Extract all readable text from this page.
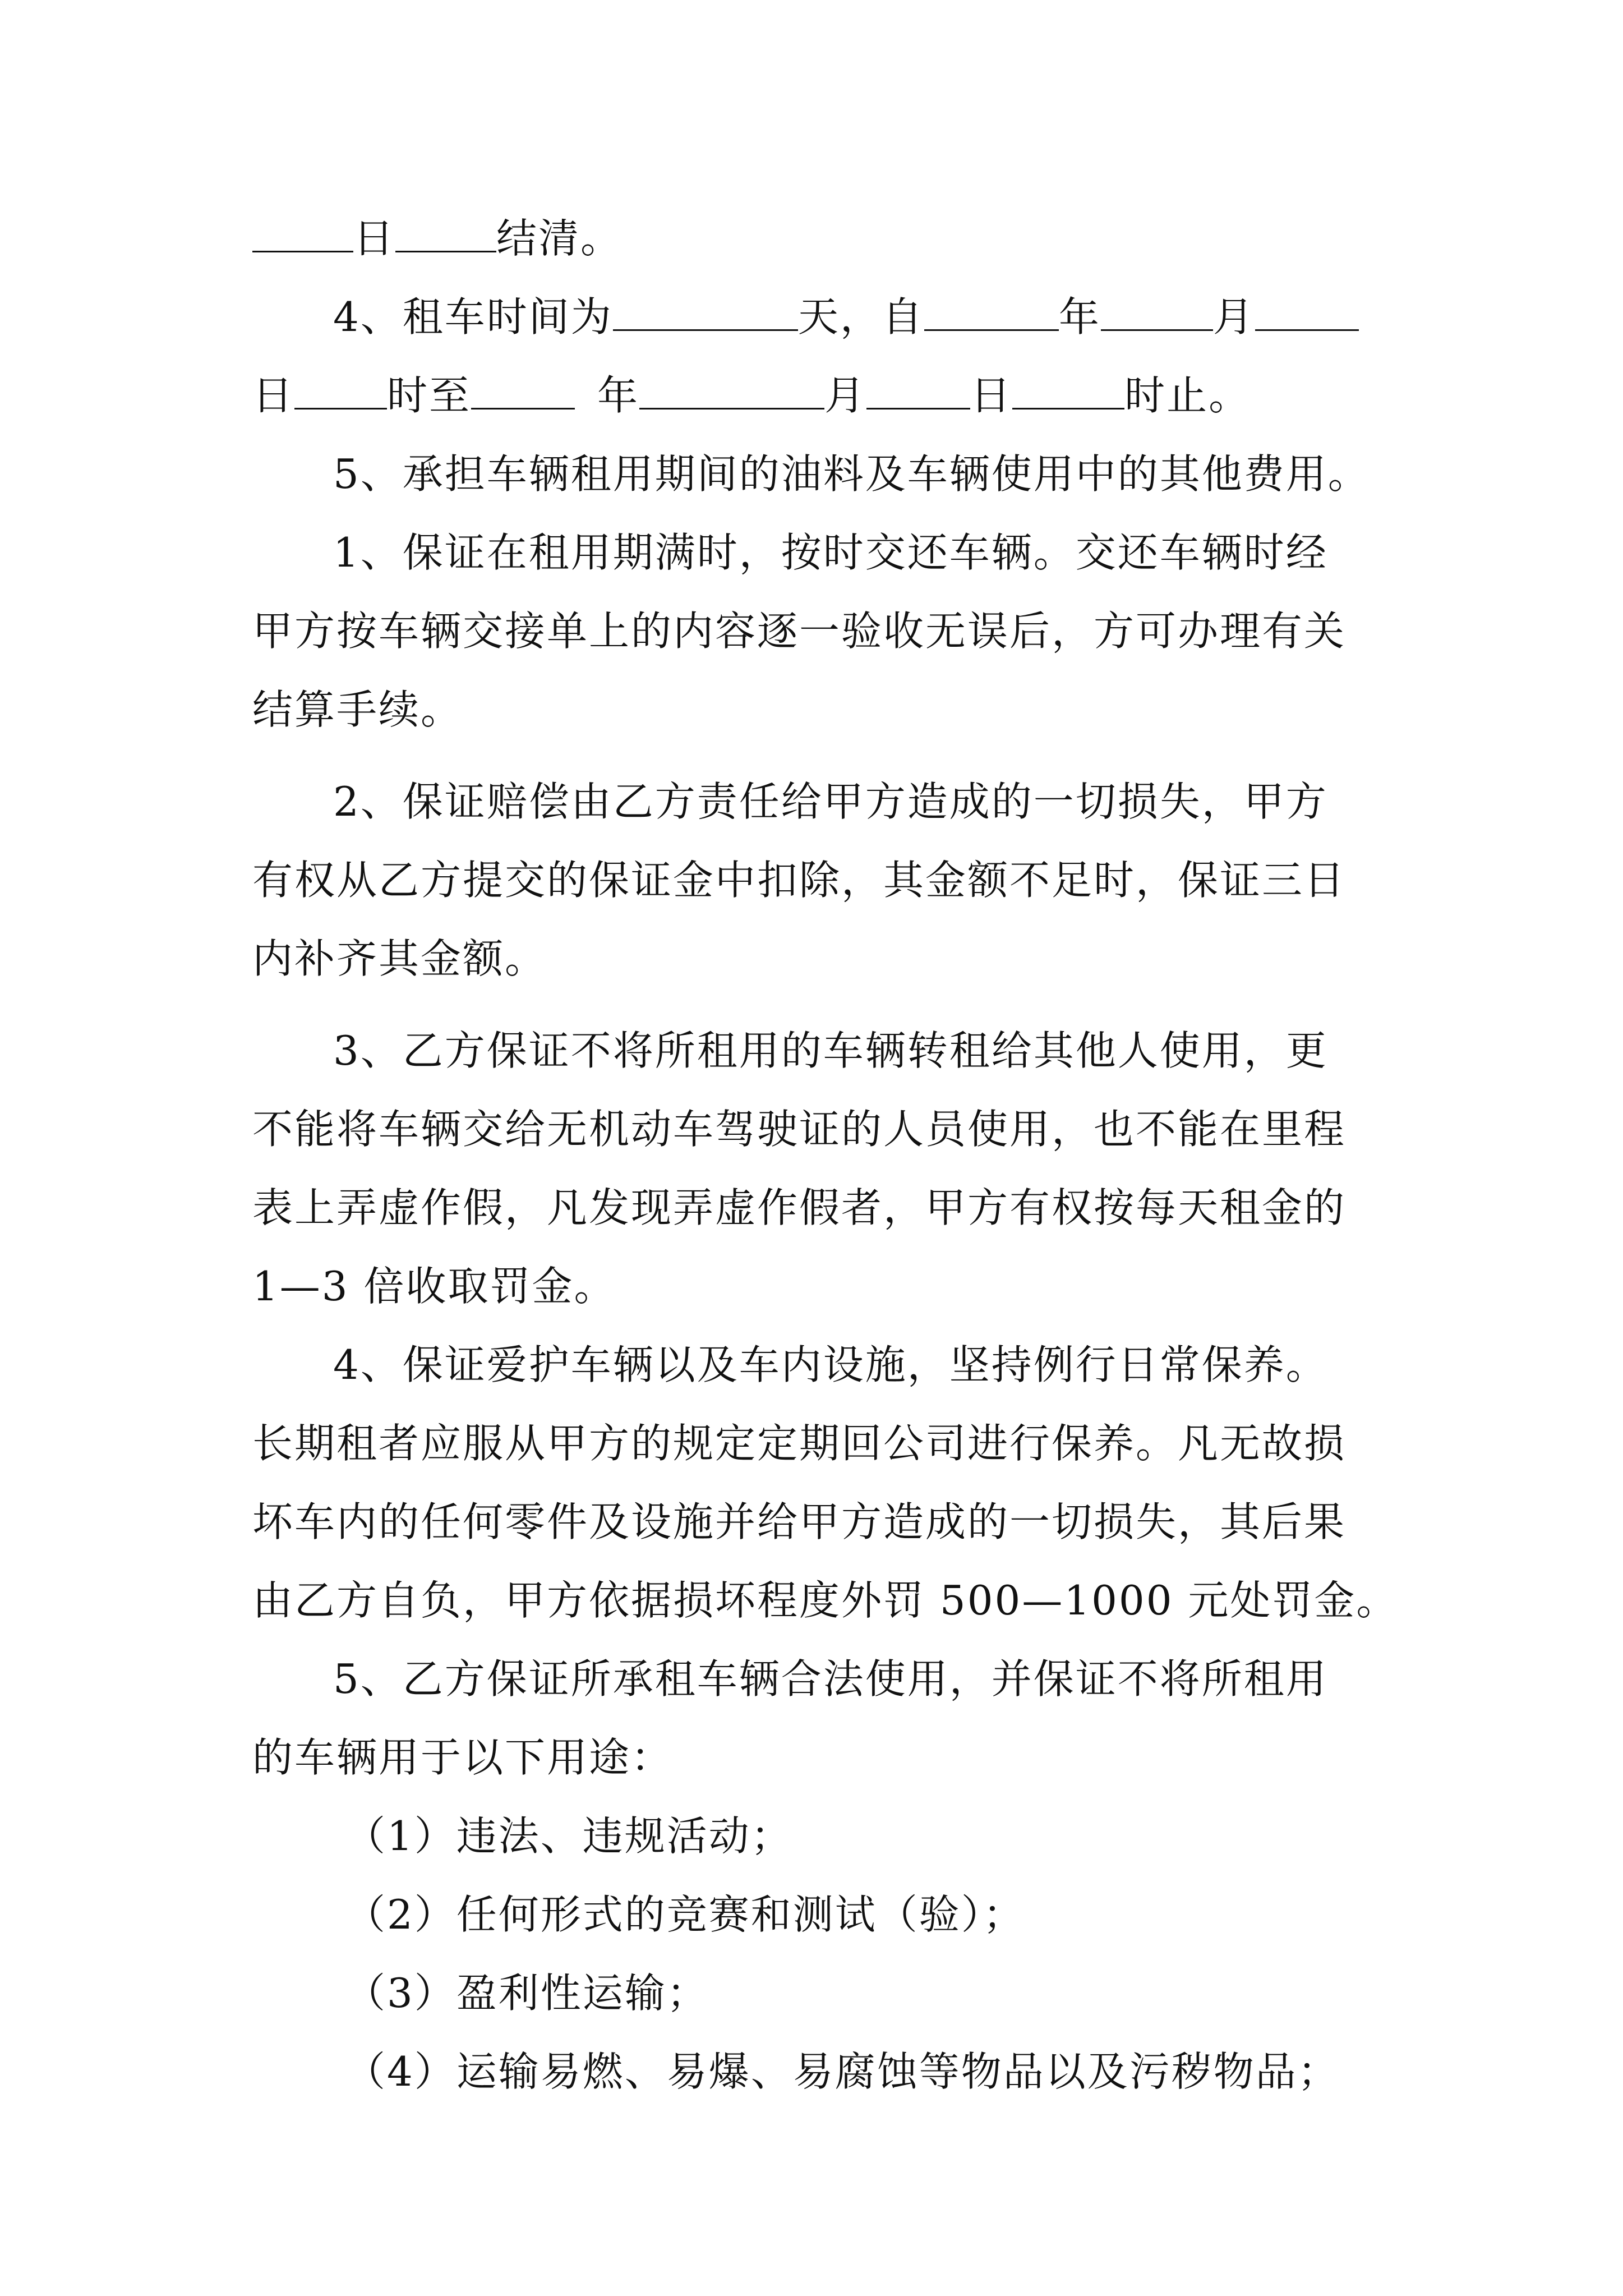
日	结清。

4、租车时间为	天，自	年	月

日 时至	年	月	日	时止。

5、承担车辆租用期间的油料及车辆使用中的其他费用。

1、保证在租用期满时，按时交还车辆。交还车辆时经
甲方按车辆交接单上的内容逐一验收无误后，方可办理有关
结算手续。

2、保证赔偿由乙方责任给甲方造成的一切损失，甲方
有权从乙方提交的保证金中扣除，其金额不足时，保证三日
内补齐其金额。

3、乙方保证不将所租用的车辆转租给其他人使用，更
不能将车辆交给无机动车驾驶证的人员使用，也不能在里程
表上弄虚作假，凡发现弄虚作假者，甲方有权按每天租金的
1—3 倍收取罚金。

4、保证爱护车辆以及车内设施，坚持例行日常保养。
长期租者应服从甲方的规定定期回公司进行保养。凡无故损
坏车内的任何零件及设施并给甲方造成的一切损失，其后果
由乙方自负，甲方依据损坏程度外罚 500—1000 元处罚金。

5、乙方保证所承租车辆合法使用，并保证不将所租用
的车辆用于以下用途：

（1）违法、违规活动；

（2）任何形式的竞赛和测试（验）；

（3）盈利性运输；

（4）运输易燃、易爆、易腐蚀等物品以及污秽物品；
